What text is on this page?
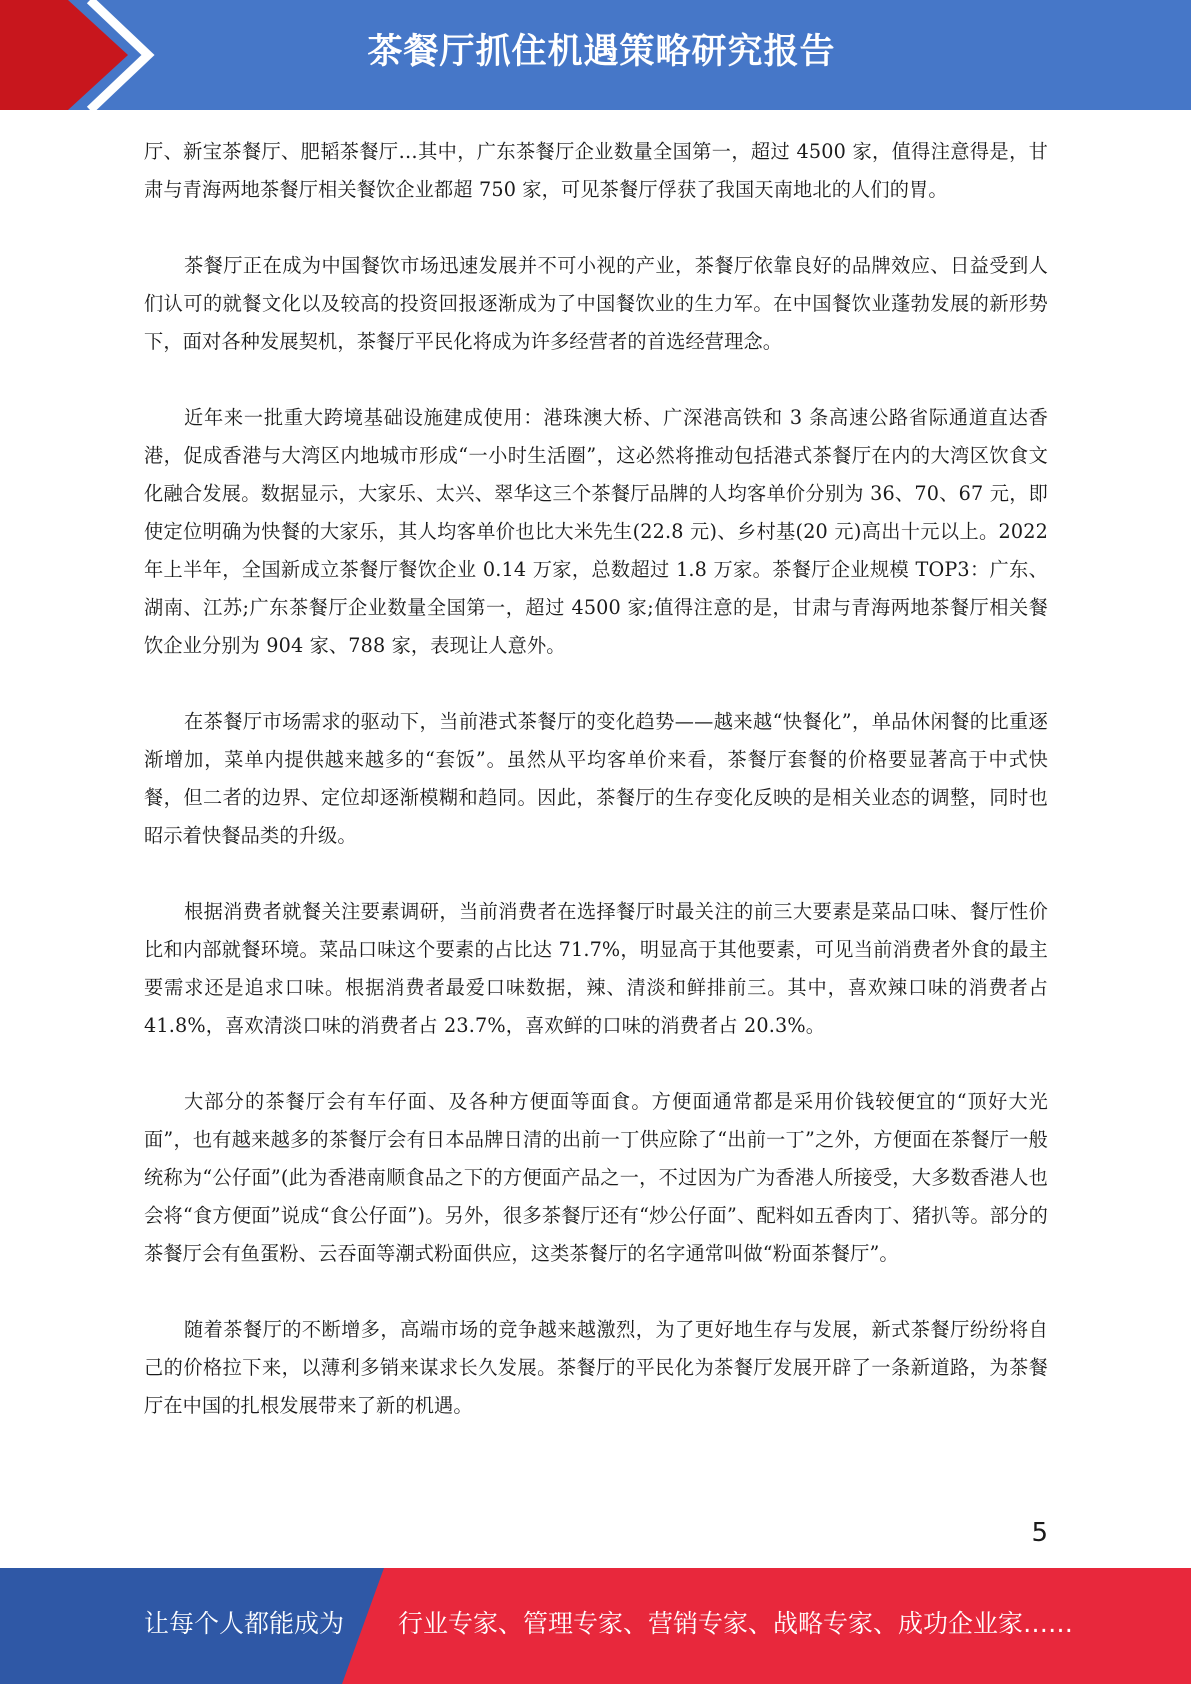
茶餐厅抓住机遇策略研究报告

厅、新宝茶餐厅、肥韬茶餐厅…其中，广东茶餐厅企业数量全国第一，超过 4500 家，值得注意得是，甘肃与青海两地茶餐厅相关餐饮企业都超 750 家，可见茶餐厅俘获了我国天南地北的人们的胃。

茶餐厅正在成为中国餐饮市场迅速发展并不可小视的产业，茶餐厅依靠良好的品牌效应、日益受到人们认可的就餐文化以及较高的投资回报逐渐成为了中国餐饮业的生力军。在中国餐饮业蓬勃发展的新形势下，面对各种发展契机，茶餐厅平民化将成为许多经营者的首选经营理念。

近年来一批重大跨境基础设施建成使用：港珠澳大桥、广深港高铁和 3 条高速公路省际通道直达香港，促成香港与大湾区内地城市形成“一小时生活圈”，这必然将推动包括港式茶餐厅在内的大湾区饮食文化融合发展。数据显示，大家乐、太兴、翠华这三个茶餐厅品牌的人均客单价分别为 36、70、67 元，即使定位明确为快餐的大家乐，其人均客单价也比大米先生(22.8 元)、乡村基(20 元)高出十元以上。2022 年上半年，全国新成立茶餐厅餐饮企业 0.14 万家，总数超过 1.8 万家。茶餐厅企业规模 TOP3：广东、湖南、江苏;广东茶餐厅企业数量全国第一，超过 4500 家;值得注意的是，甘肃与青海两地茶餐厅相关餐饮企业分别为 904 家、788 家，表现让人意外。

在茶餐厅市场需求的驱动下，当前港式茶餐厅的变化趋势——越来越“快餐化”，单品休闲餐的比重逐渐增加，菜单内提供越来越多的“套饭”。虽然从平均客单价来看，茶餐厅套餐的价格要显著高于中式快餐，但二者的边界、定位却逐渐模糊和趋同。因此，茶餐厅的生存变化反映的是相关业态的调整，同时也昭示着快餐品类的升级。

根据消费者就餐关注要素调研，当前消费者在选择餐厅时最关注的前三大要素是菜品口味、餐厅性价比和内部就餐环境。菜品口味这个要素的占比达 71.7%，明显高于其他要素，可见当前消费者外食的最主要需求还是追求口味。根据消费者最爱口味数据，辣、清淡和鲜排前三。其中，喜欢辣口味的消费者占 41.8%，喜欢清淡口味的消费者占 23.7%，喜欢鲜的口味的消费者占 20.3%。

大部分的茶餐厅会有车仔面、及各种方便面等面食。方便面通常都是采用价钱较便宜的“顶好大光面”，也有越来越多的茶餐厅会有日本品牌日清的出前一丁供应除了“出前一丁”之外，方便面在茶餐厅一般统称为“公仔面”(此为香港南顺食品之下的方便面产品之一，不过因为广为香港人所接受，大多数香港人也会将“食方便面”说成“食公仔面”)。另外，很多茶餐厅还有“炒公仔面”、配料如五香肉丁、猪扒等。部分的茶餐厅会有鱼蛋粉、云吞面等潮式粉面供应，这类茶餐厅的名字通常叫做“粉面茶餐厅”。

随着茶餐厅的不断增多，高端市场的竞争越来越激烈，为了更好地生存与发展，新式茶餐厅纷纷将自己的价格拉下来，以薄利多销来谋求长久发展。茶餐厅的平民化为茶餐厅发展开辟了一条新道路，为茶餐厅在中国的扎根发展带来了新的机遇。

5
让每个人都能成为 行业专家、管理专家、营销专家、战略专家、成功企业家……
